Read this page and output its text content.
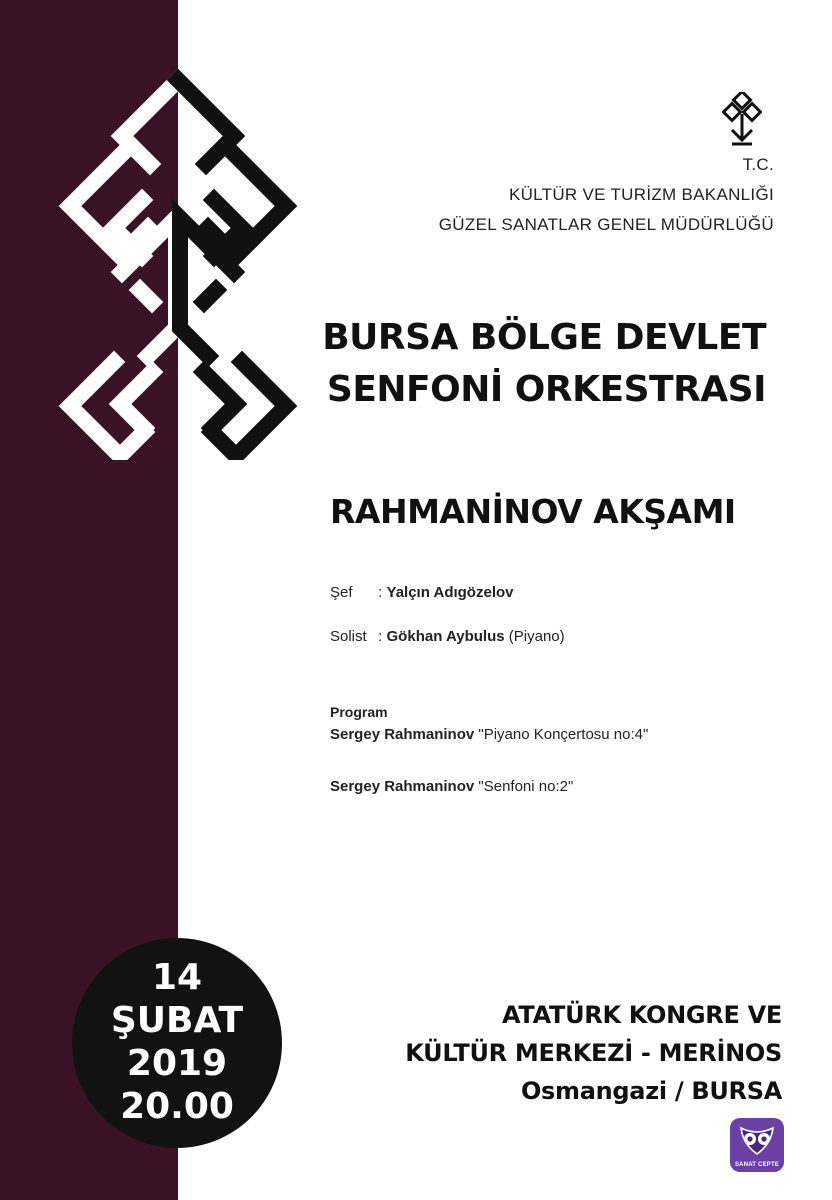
T.C.
KÜLTÜR VE TURİZM BAKANLIĞI
GÜZEL SANATLAR GENEL MÜDÜRLÜĞÜ
BURSA BÖLGE DEVLET
SENFONİ ORKESTRASI
RAHMANİNOV AKŞAMI
Şef : Yalçın Adıgözelov
Solist : Gökhan Aybulus (Piyano)
Program
Sergey Rahmaninov "Piyano Konçertosu no:4"
Sergey Rahmaninov "Senfoni no:2"
14
ŞUBAT
2019
20.00
ATATÜRK KONGRE VE
KÜLTÜR MERKEZİ - MERİNOS
Osmangazi / BURSA
SANAT CEPTE
